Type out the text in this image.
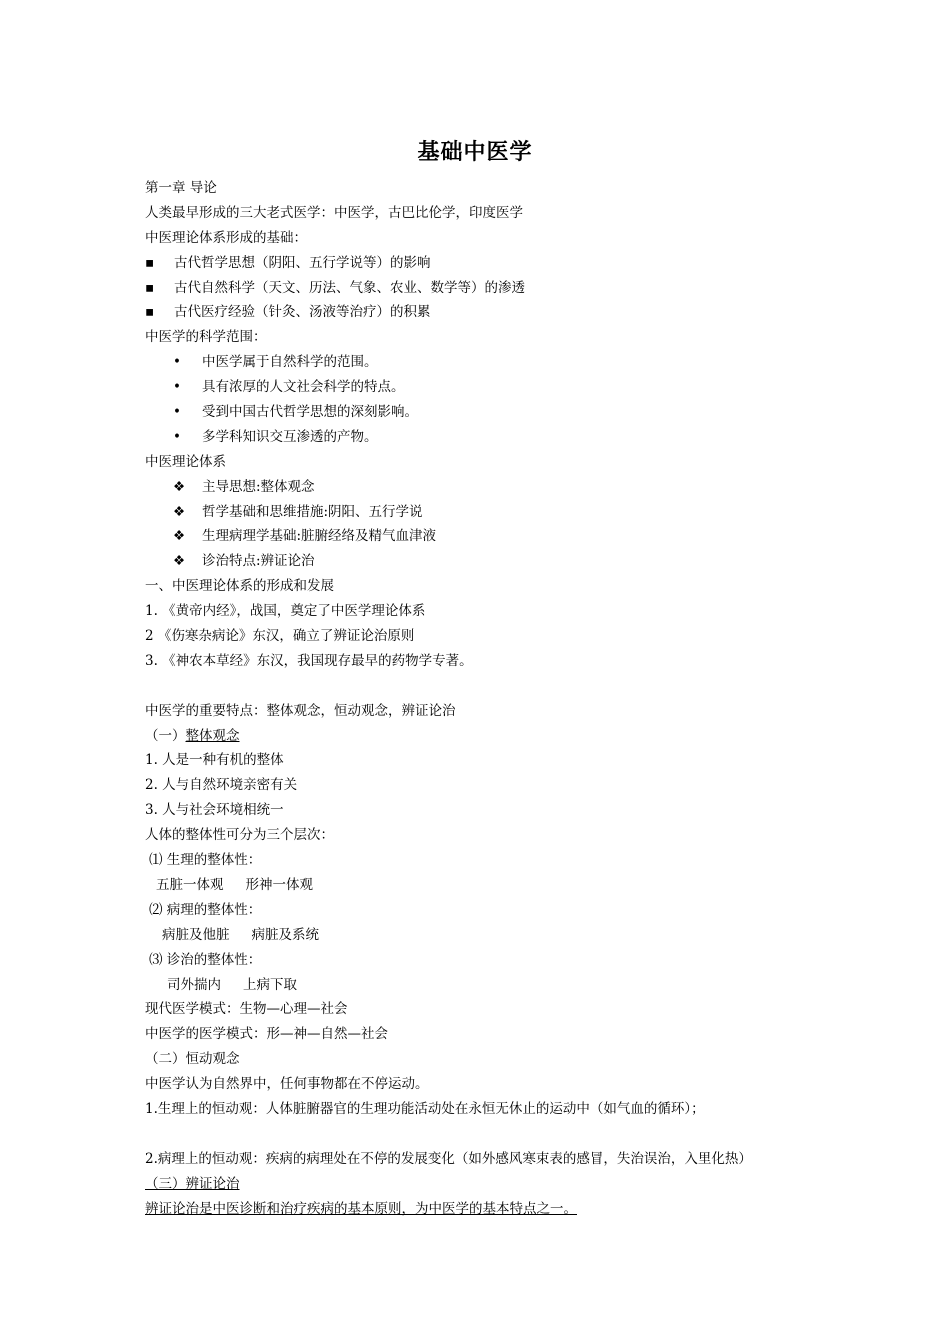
基础中医学
第一章 导论
人类最早形成的三大老式医学：中医学，古巴比伦学，印度医学
中医理论体系形成的基础：
▪ 古代哲学思想（阴阳、五行学说等）的影响
▪ 古代自然科学（天文、历法、气象、农业、数学等）的渗透
▪ 古代医疗经验（针灸、汤液等治疗）的积累
中医学的科学范围：
• 中医学属于自然科学的范围。
• 具有浓厚的人文社会科学的特点。
• 受到中国古代哲学思想的深刻影响。
• 多学科知识交互渗透的产物。
中医理论体系
❖ 主导思想:整体观念
❖ 哲学基础和思维措施:阴阳、五行学说
❖ 生理病理学基础:脏腑经络及精气血津液
❖ 诊治特点:辨证论治
一、中医理论体系的形成和发展
1. 《黄帝内经》，战国，奠定了中医学理论体系
2 《伤寒杂病论》东汉，确立了辨证论治原则
3. 《神农本草经》东汉，我国现存最早的药物学专著。
中医学的重要特点：整体观念，恒动观念，辨证论治
（一）整体观念
1. 人是一种有机的整体
2. 人与自然环境亲密有关
3. 人与社会环境相统一
人体的整体性可分为三个层次：
⑴ 生理的整体性：
五脏一体观 形神一体观
⑵ 病理的整体性：
病脏及他脏 病脏及系统
⑶ 诊治的整体性：
司外揣内 上病下取
现代医学模式：生物—心理—社会
中医学的医学模式：形—神—自然—社会
（二）恒动观念
中医学认为自然界中，任何事物都在不停运动。
1.生理上的恒动观：人体脏腑器官的生理功能活动处在永恒无休止的运动中（如气血的循环）；
2.病理上的恒动观：疾病的病理处在不停的发展变化（如外感风寒束表的感冒，失治误治，入里化热）
（三）辨证论治
辨证论治是中医诊断和治疗疾病的基本原则，为中医学的基本特点之一。
